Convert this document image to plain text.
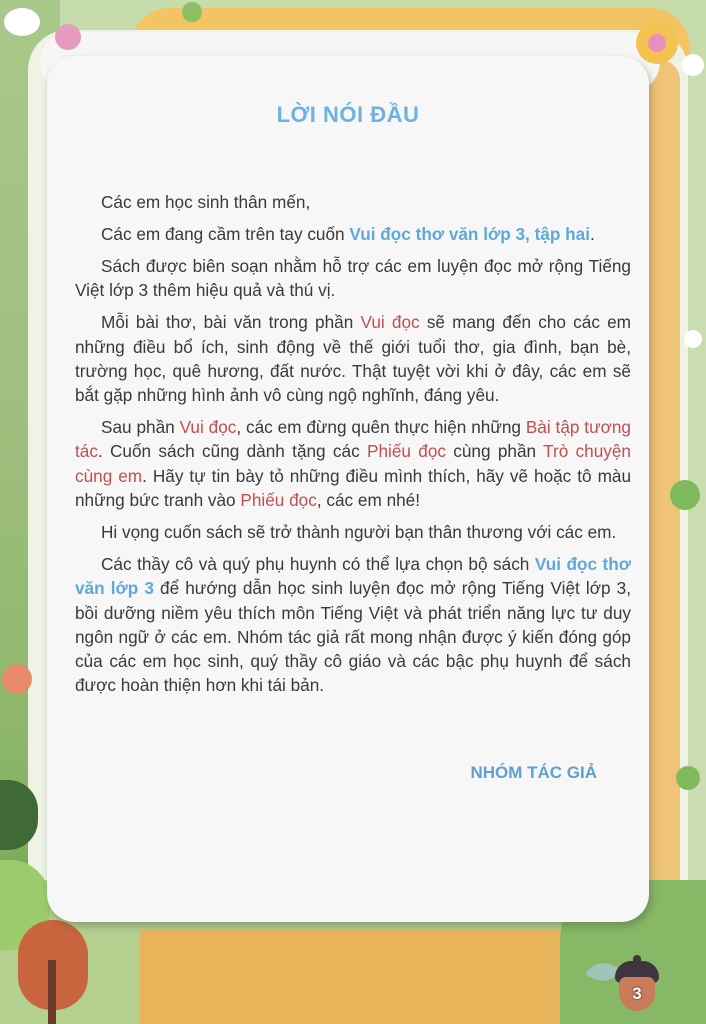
LỜI NÓI ĐẦU

Các em học sinh thân mến,

Các em đang cầm trên tay cuốn Vui đọc thơ văn lớp 3, tập hai.

Sách được biên soạn nhằm hỗ trợ các em luyện đọc mở rộng Tiếng Việt lớp 3 thêm hiệu quả và thú vị.

Mỗi bài thơ, bài văn trong phần Vui đọc sẽ mang đến cho các em những điều bổ ích, sinh động về thế giới tuổi thơ, gia đình, bạn bè, trường học, quê hương, đất nước. Thật tuyệt vời khi ở đây, các em sẽ bắt gặp những hình ảnh vô cùng ngộ nghĩnh, đáng yêu.

Sau phần Vui đọc, các em đừng quên thực hiện những Bài tập tương tác. Cuốn sách cũng dành tặng các Phiếu đọc cùng phần Trò chuyện cùng em. Hãy tự tin bày tỏ những điều mình thích, hãy vẽ hoặc tô màu những bức tranh vào Phiếu đọc, các em nhé!

Hi vọng cuốn sách sẽ trở thành người bạn thân thương với các em.

Các thầy cô và quý phụ huynh có thể lựa chọn bộ sách Vui đọc thơ văn lớp 3 để hướng dẫn học sinh luyện đọc mở rộng Tiếng Việt lớp 3, bồi dưỡng niềm yêu thích môn Tiếng Việt và phát triển năng lực tư duy ngôn ngữ ở các em. Nhóm tác giả rất mong nhận được ý kiến đóng góp của các em học sinh, quý thầy cô giáo và các bậc phụ huynh để sách được hoàn thiện hơn khi tái bản.

NHÓM TÁC GIẢ
3
